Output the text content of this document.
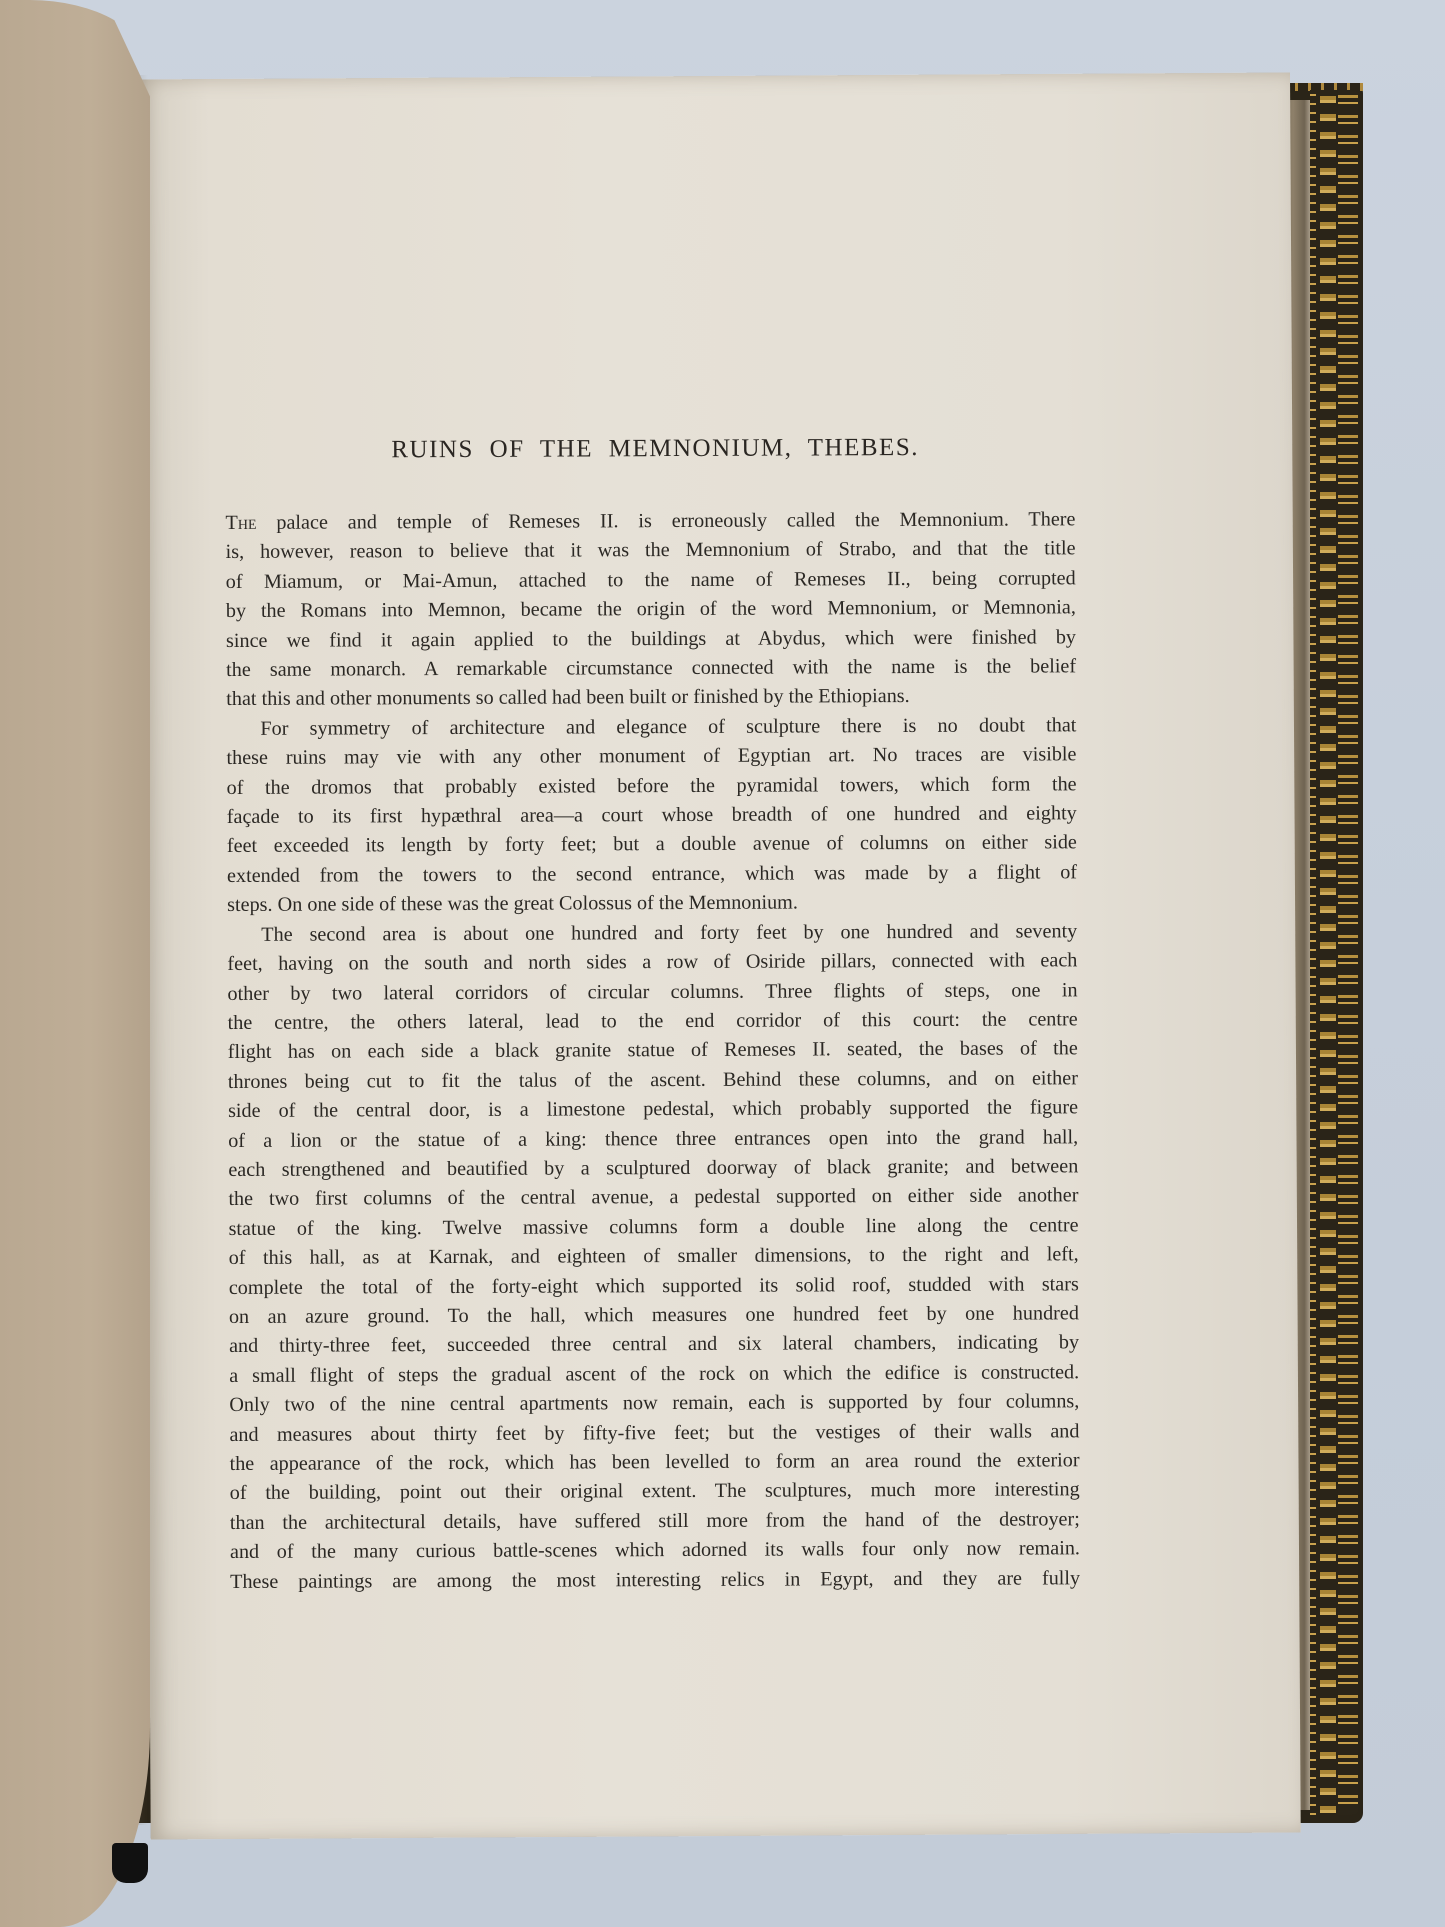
RUINS OF THE MEMNONIUM, THEBES.

The palace and temple of Remeses II. is erroneously called the Memnonium. There
is, however, reason to believe that it was the Memnonium of Strabo, and that the title
of Miamum, or Mai-Amun, attached to the name of Remeses II., being corrupted
by the Romans into Memnon, became the origin of the word Memnonium, or Memnonia,
since we find it again applied to the buildings at Abydus, which were finished by
the same monarch. A remarkable circumstance connected with the name is the belief
that this and other monuments so called had been built or finished by the Ethiopians.

For symmetry of architecture and elegance of sculpture there is no doubt that
these ruins may vie with any other monument of Egyptian art. No traces are visible
of the dromos that probably existed before the pyramidal towers, which form the
façade to its first hypæthral area—a court whose breadth of one hundred and eighty
feet exceeded its length by forty feet; but a double avenue of columns on either side
extended from the towers to the second entrance, which was made by a flight of
steps. On one side of these was the great Colossus of the Memnonium.

The second area is about one hundred and forty feet by one hundred and seventy
feet, having on the south and north sides a row of Osiride pillars, connected with each
other by two lateral corridors of circular columns. Three flights of steps, one in
the centre, the others lateral, lead to the end corridor of this court: the centre
flight has on each side a black granite statue of Remeses II. seated, the bases of the
thrones being cut to fit the talus of the ascent. Behind these columns, and on either
side of the central door, is a limestone pedestal, which probably supported the figure
of a lion or the statue of a king: thence three entrances open into the grand hall,
each strengthened and beautified by a sculptured doorway of black granite; and between
the two first columns of the central avenue, a pedestal supported on either side another
statue of the king. Twelve massive columns form a double line along the centre
of this hall, as at Karnak, and eighteen of smaller dimensions, to the right and left,
complete the total of the forty-eight which supported its solid roof, studded with stars
on an azure ground. To the hall, which measures one hundred feet by one hundred
and thirty-three feet, succeeded three central and six lateral chambers, indicating by
a small flight of steps the gradual ascent of the rock on which the edifice is constructed.
Only two of the nine central apartments now remain, each is supported by four columns,
and measures about thirty feet by fifty-five feet; but the vestiges of their walls and
the appearance of the rock, which has been levelled to form an area round the exterior
of the building, point out their original extent. The sculptures, much more interesting
than the architectural details, have suffered still more from the hand of the destroyer;
and of the many curious battle-scenes which adorned its walls four only now remain.
These paintings are among the most interesting relics in Egypt, and they are fully
